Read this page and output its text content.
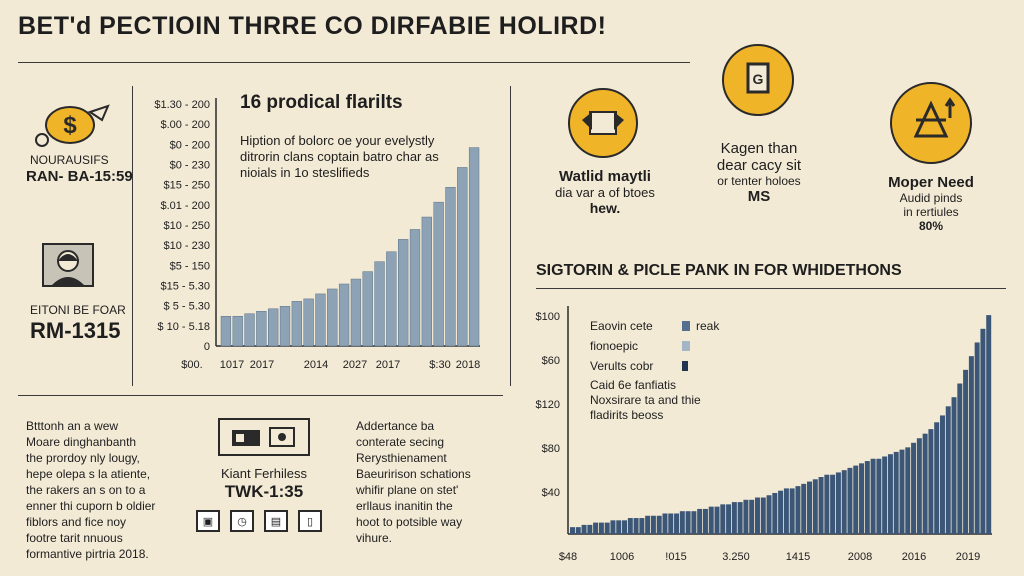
BET'd PECTIOIN THRRE CO DIRFABIE HOLIRD!
$
NOURAUSIFS
RAN- BA-15:59
EITONI BE FOAR
RM-1315
16 prodical flarilts
Hiption of bolorc oe your evelystly
ditrorin clans coptain batro char as
nioials in 1o steslifieds
$1.30 - 200
$.00 - 200
$0 - 200
$0 - 230
$15 - 250
$.01 - 200
$10 - 250
$10 - 230
$5 - 150
$15 - 5.30
$ 5 - 5.30
$ 10 - 5.18
0
$00. 1017 2017	2014 2027 2017	$:30 2018
Watlid maytli
dia var a of btoes
hew.
G
Kagen than
dear cacy sit
or tenter holoes
MS
Moper Need
Audid pinds
in rertiules
80%
SIGTORIN & PICLE PANK IN FOR WHIDETHONS
$100
$60
$120
$80
$40
$48	1006	!015	3.250	1415	2008	2016	2019
Eaovin cete	reak
fionoepic
Verults cobr
Caid 6e fanfiatis
Noxsirare ta and thie
fladirits beoss
Btttonh an a wew
Moare dinghanbanth
the prordoy nly lougy,
hepe olepa s la atiente,
the rakers an s on to a
enner thi cuporn b oldier
fiblors and fice noy
footre tarit nnuous
formantive pirtria 2018.
Kiant Ferhiless
TWK-1:35
▣	◷	▤	▯
Addertance ba
conterate secing
Rerysthienament
Baeuririson schations
whifir plane on stet'
erllaus inanitin the
hoot to potsible way
vihure.
